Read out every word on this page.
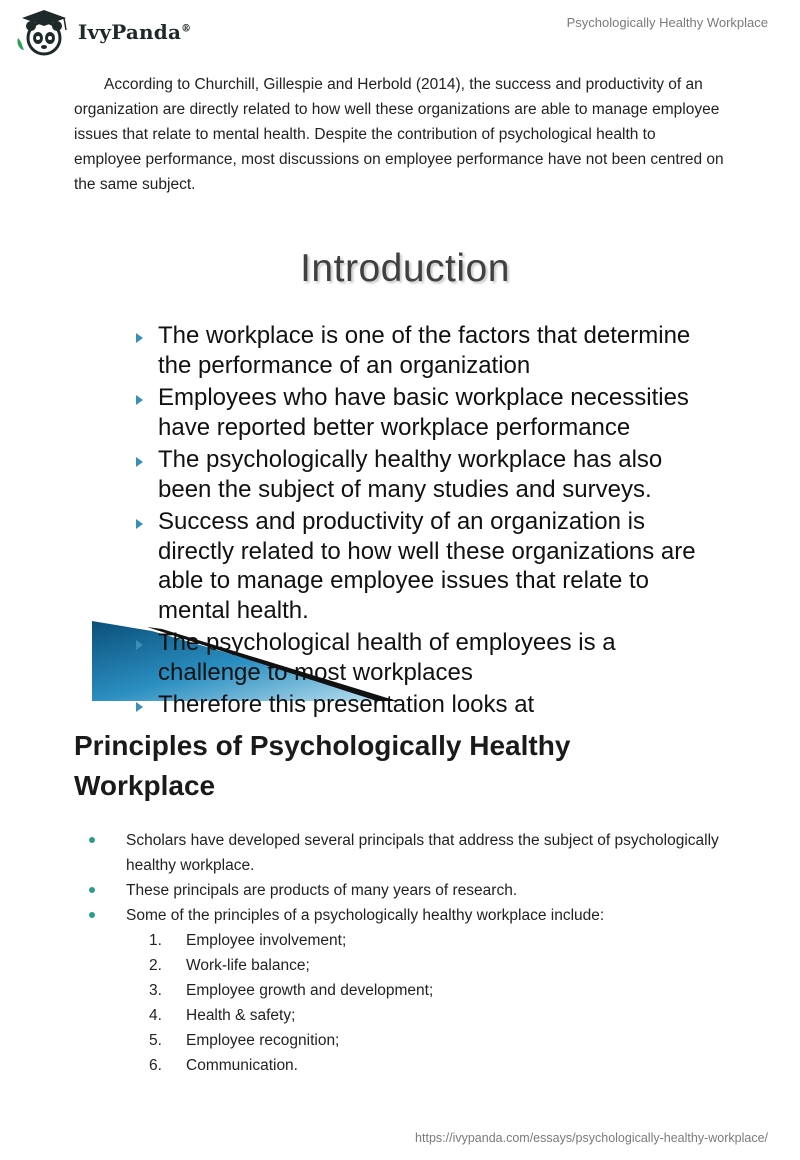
IvyPanda®	Psychologically Healthy Workplace

According to Churchill, Gillespie and Herbold (2014), the success and productivity of an organization are directly related to how well these organizations are able to manage employee issues that relate to mental health. Despite the contribution of psychological health to employee performance, most discussions on employee performance have not been centred on the same subject.

Introduction
The workplace is one of the factors that determine the performance of an organization
Employees who have basic workplace necessities have reported better workplace performance
The psychologically healthy workplace has also been the subject of many studies and surveys.
Success and productivity of an organization is directly related to how well these organizations are able to manage employee issues that relate to mental health.
The psychological health of employees is a challenge to most workplaces
Therefore this presentation looks at
Principles of Psychologically Healthy Workplace
Scholars have developed several principals that address the subject of psychologically healthy workplace.
These principals are products of many years of research.
Some of the principles of a psychologically healthy workplace include:
1. Employee involvement;
2. Work-life balance;
3. Employee growth and development;
4. Health & safety;
5. Employee recognition;
6. Communication.
https://ivypanda.com/essays/psychologically-healthy-workplace/
